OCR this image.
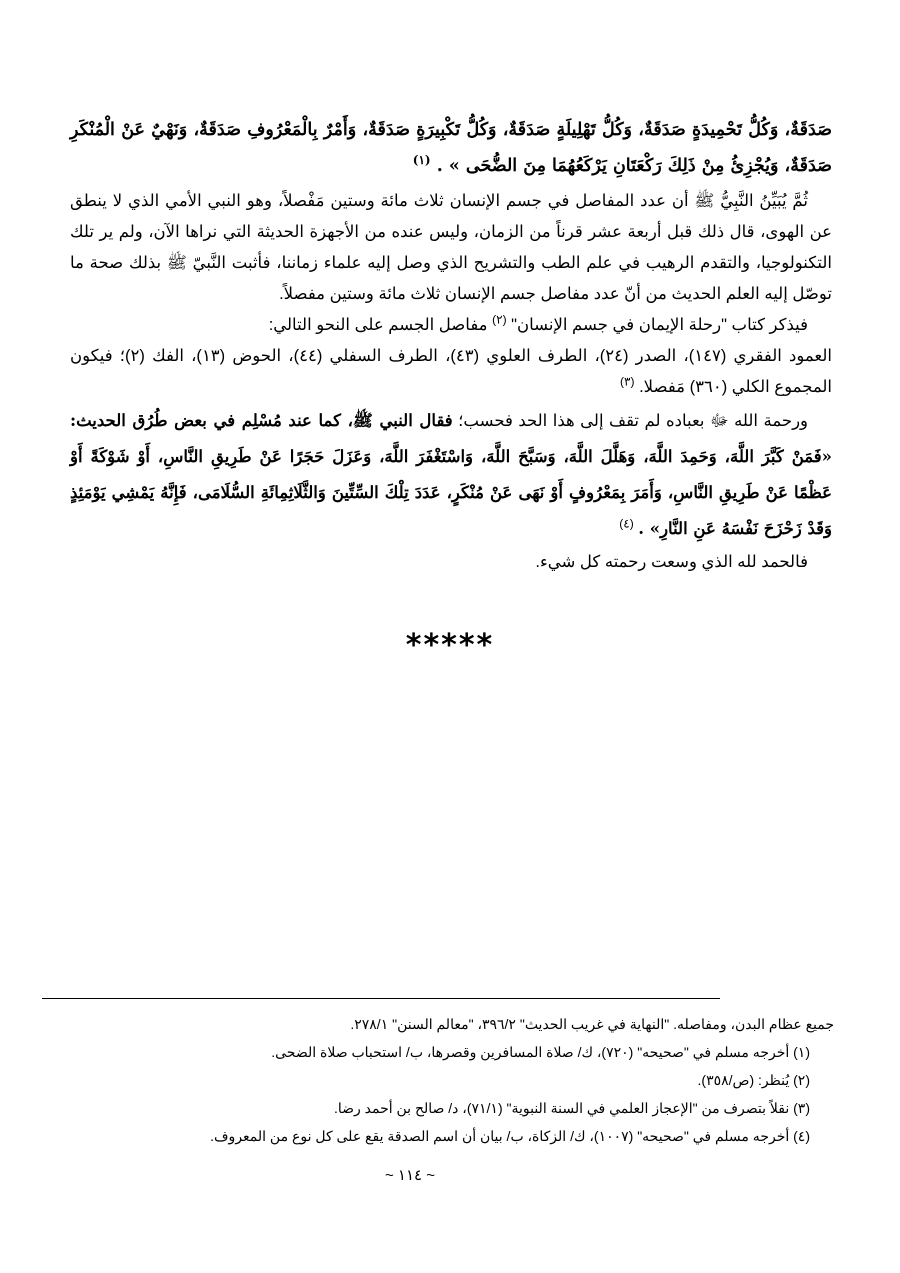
صَدَقَةٌ، وَكُلُّ تَحْمِيدَةٍ صَدَقَةٌ، وَكُلُّ تَهْلِيلَةٍ صَدَقَةٌ، وَكُلُّ تَكْبِيرَةٍ صَدَقَةٌ، وَأَمْرٌ بِالْمَعْرُوفِ صَدَقَةٌ، وَنَهْيٌ عَنْ الْمُنْكَرِ صَدَقَةٌ، وَيُجْزِئُ مِنْ ذَلِكَ رَكْعَتَانِ يَرْكَعُهُمَا مِنَ الضُّحَى » . $^{(١)}$

ثُمَّ يُبَيِّنُ النَّبِيُّ ﷺ أن عدد المفاصل في جسم الإنسان ثلاث مائة وستين مَفْصلاً، وهو النبي الأمي الذي لا ينطق عن الهوى، قال ذلك قبل أربعة عشر قرناً من الزمان، وليس عنده من الأجهزة الحديثة التي نراها الآن، ولم ير تلك التكنولوجيا، والتقدم الرهيب في علم الطب والتشريح الذي وصل إليه علماء زماننا، فأثبت النَّبيّ ﷺ بذلك صحة ما توصّل إليه العلم الحديث من أنّ عدد مفاصل جسم الإنسان ثلاث مائة وستين مفصلاً.

فيذكر كتاب "رحلة الإيمان في جسم الإنسان" $^{(٢)}$ مفاصل الجسم على النحو التالي:

العمود الفقري (١٤٧)، الصدر (٢٤)، الطرف العلوي (٤٣)، الطرف السفلي (٤٤)، الحوض (١٣)، الفك (٢)؛ فيكون المجموع الكلي (٣٦٠) مَفصلا. $^{(٣)}$

ورحمة الله ﷻ بعباده لم تقف إلى هذا الحد فحسب؛ فقال النبي ﷺ، كما عند مُسْلِم في بعض طُرُق الحديث: «فَمَنْ كَبَّرَ اللَّهَ، وَحَمِدَ اللَّهَ، وَهَلَّلَ اللَّهَ، وَسَبَّحَ اللَّهَ، وَاسْتَغْفَرَ اللَّهَ، وَعَزَلَ حَجَرًا عَنْ طَرِيقِ النَّاسِ، أَوْ شَوْكَةً أَوْ عَظْمًا عَنْ طَرِيقِ النَّاسِ، وَأَمَرَ بِمَعْرُوفٍ أَوْ نَهَى عَنْ مُنْكَرٍ، عَدَدَ تِلْكَ السِّتِّينَ وَالثَّلَاثِمِائَةِ السُّلَامَى، فَإِنَّهُ يَمْشِي يَوْمَئِذٍ وَقَدْ زَحْزَحَ نَفْسَهُ عَنِ النَّارِ» . $^{(٤)}$

فالحمد لله الذي وسعت رحمته كل شيء.

*****

جميع عظام البدن، ومفاصله. "النهاية في غريب الحديث" ٣٩٦/٢، "معالم السنن" ٢٧٨/١.

(١) أخرجه مسلم في "صحيحه" (٧٢٠)، ك/ صلاة المسافرين وقصرها، ب/ استحباب صلاة الضحى.

(٢) يُنظر: (ص/٣٥٨).

(٣) نقلاً بتصرف من "الإعجاز العلمي في السنة النبوية" (٧١/١)، د/ صالح بن أحمد رضا.

(٤) أخرجه مسلم في "صحيحه" (١٠٠٧)، ك/ الزكاة، ب/ بيان أن اسم الصدقة يقع على كل نوع من المعروف.

~ ١١٤ ~
